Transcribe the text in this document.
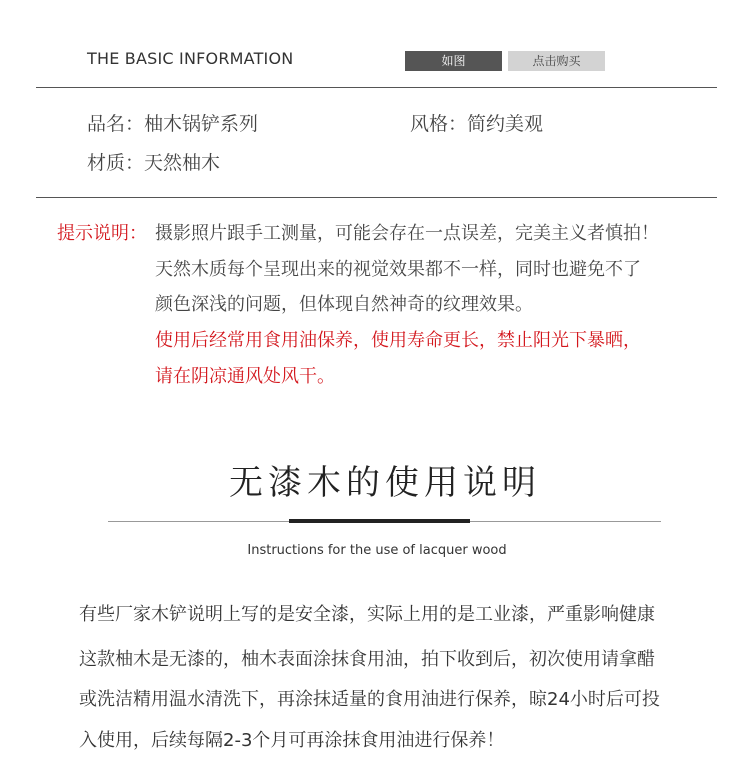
THE BASIC INFORMATION	如图	点击购买
品名：柚木锅铲系列	风格：简约美观
材质：天然柚木
提示说明： 摄影照片跟手工测量，可能会存在一点误差，完美主义者慎拍！
天然木质每个呈现出来的视觉效果都不一样，同时也避免不了
颜色深浅的问题，但体现自然神奇的纹理效果。
使用后经常用食用油保养，使用寿命更长，禁止阳光下暴晒，
请在阴凉通风处风干。
无漆木的使用说明
Instructions for the use of lacquer wood
有些厂家木铲说明上写的是安全漆，实际上用的是工业漆，严重影响健康
这款柚木是无漆的，柚木表面涂抹食用油，拍下收到后，初次使用请拿醋
或洗洁精用温水清洗下，再涂抹适量的食用油进行保养，晾24小时后可投
入使用，后续每隔2-3个月可再涂抹食用油进行保养！
